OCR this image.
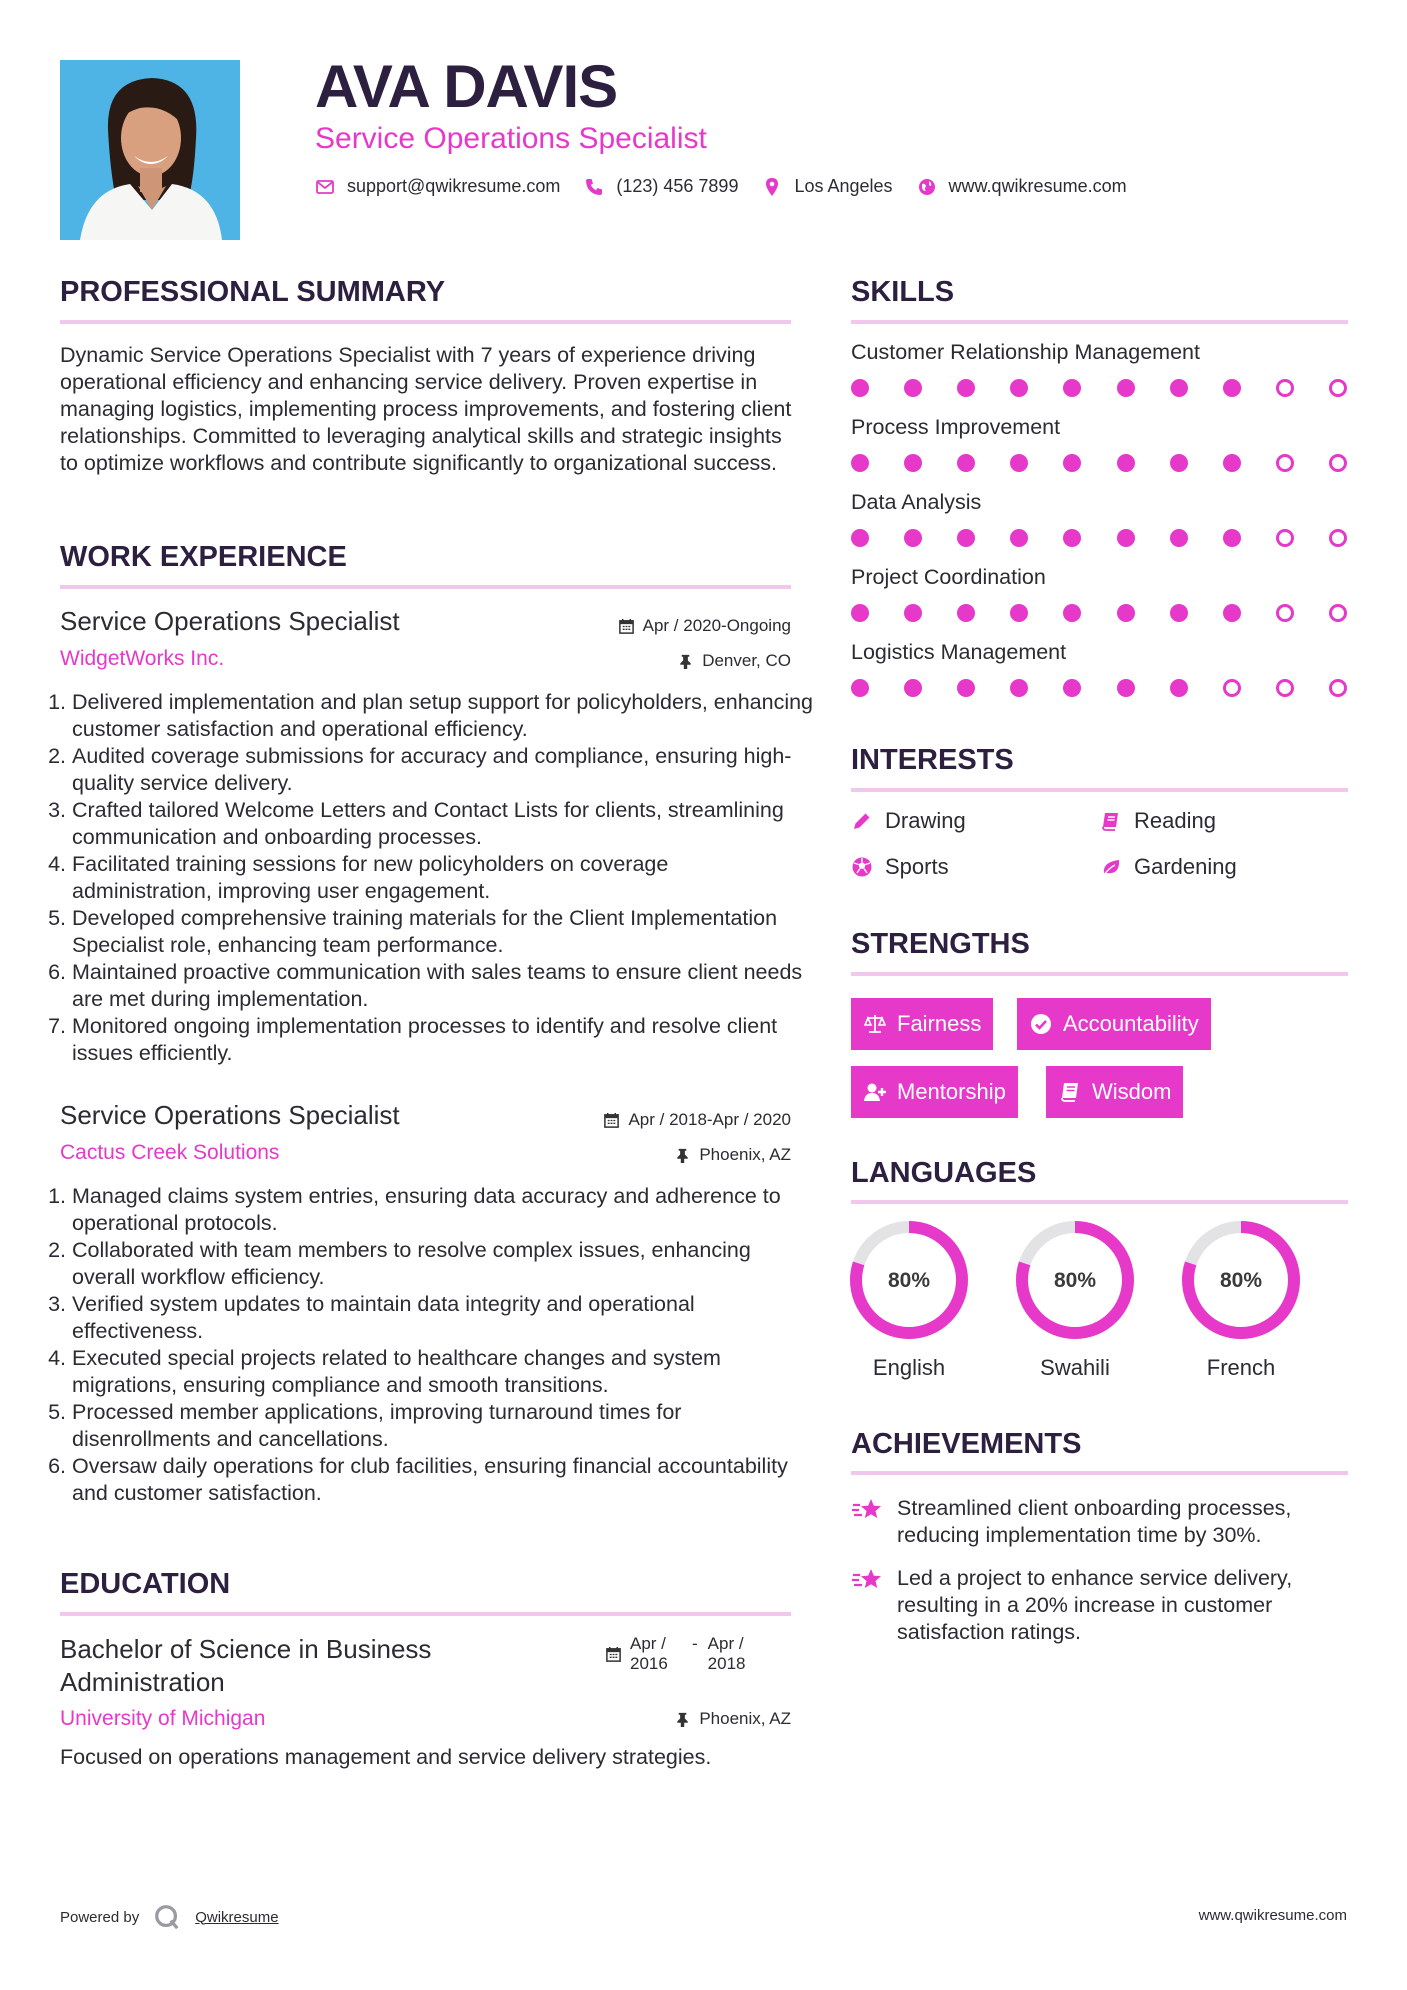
AVA DAVIS
Service Operations Specialist
support@qwikresume.com	(123) 456 7899	Los Angeles	www.qwikresume.com
PROFESSIONAL SUMMARY
Dynamic Service Operations Specialist with 7 years of experience driving operational efficiency and enhancing service delivery. Proven expertise in managing logistics, implementing process improvements, and fostering client relationships. Committed to leveraging analytical skills and strategic insights to optimize workflows and contribute significantly to organizational success.
WORK EXPERIENCE
Service Operations Specialist	Apr / 2020-Ongoing
WidgetWorks Inc.	Denver, CO
1. Delivered implementation and plan setup support for policyholders, enhancing customer satisfaction and operational efficiency.
2. Audited coverage submissions for accuracy and compliance, ensuring high-quality service delivery.
3. Crafted tailored Welcome Letters and Contact Lists for clients, streamlining communication and onboarding processes.
4. Facilitated training sessions for new policyholders on coverage administration, improving user engagement.
5. Developed comprehensive training materials for the Client Implementation Specialist role, enhancing team performance.
6. Maintained proactive communication with sales teams to ensure client needs are met during implementation.
7. Monitored ongoing implementation processes to identify and resolve client issues efficiently.
Service Operations Specialist	Apr / 2018-Apr / 2020
Cactus Creek Solutions	Phoenix, AZ
1. Managed claims system entries, ensuring data accuracy and adherence to operational protocols.
2. Collaborated with team members to resolve complex issues, enhancing overall workflow efficiency.
3. Verified system updates to maintain data integrity and operational effectiveness.
4. Executed special projects related to healthcare changes and system migrations, ensuring compliance and smooth transitions.
5. Processed member applications, improving turnaround times for disenrollments and cancellations.
6. Oversaw daily operations for club facilities, ensuring financial accountability and customer satisfaction.
EDUCATION
Bachelor of Science in Business Administration
Apr / 2016
- Apr / 2018
University of Michigan	Phoenix, AZ
Focused on operations management and service delivery strategies.
SKILLS
Customer Relationship Management
Process Improvement
Data Analysis
Project Coordination
Logistics Management
INTERESTS
Drawing	Reading
Sports	Gardening
STRENGTHS
Fairness	Accountability
Mentorship	Wisdom
LANGUAGES
80%
English
80%
Swahili
80%
French
ACHIEVEMENTS
Streamlined client onboarding processes, reducing implementation time by 30%.
Led a project to enhance service delivery, resulting in a 20% increase in customer satisfaction ratings.
Powered by	Qwikresume	www.qwikresume.com
